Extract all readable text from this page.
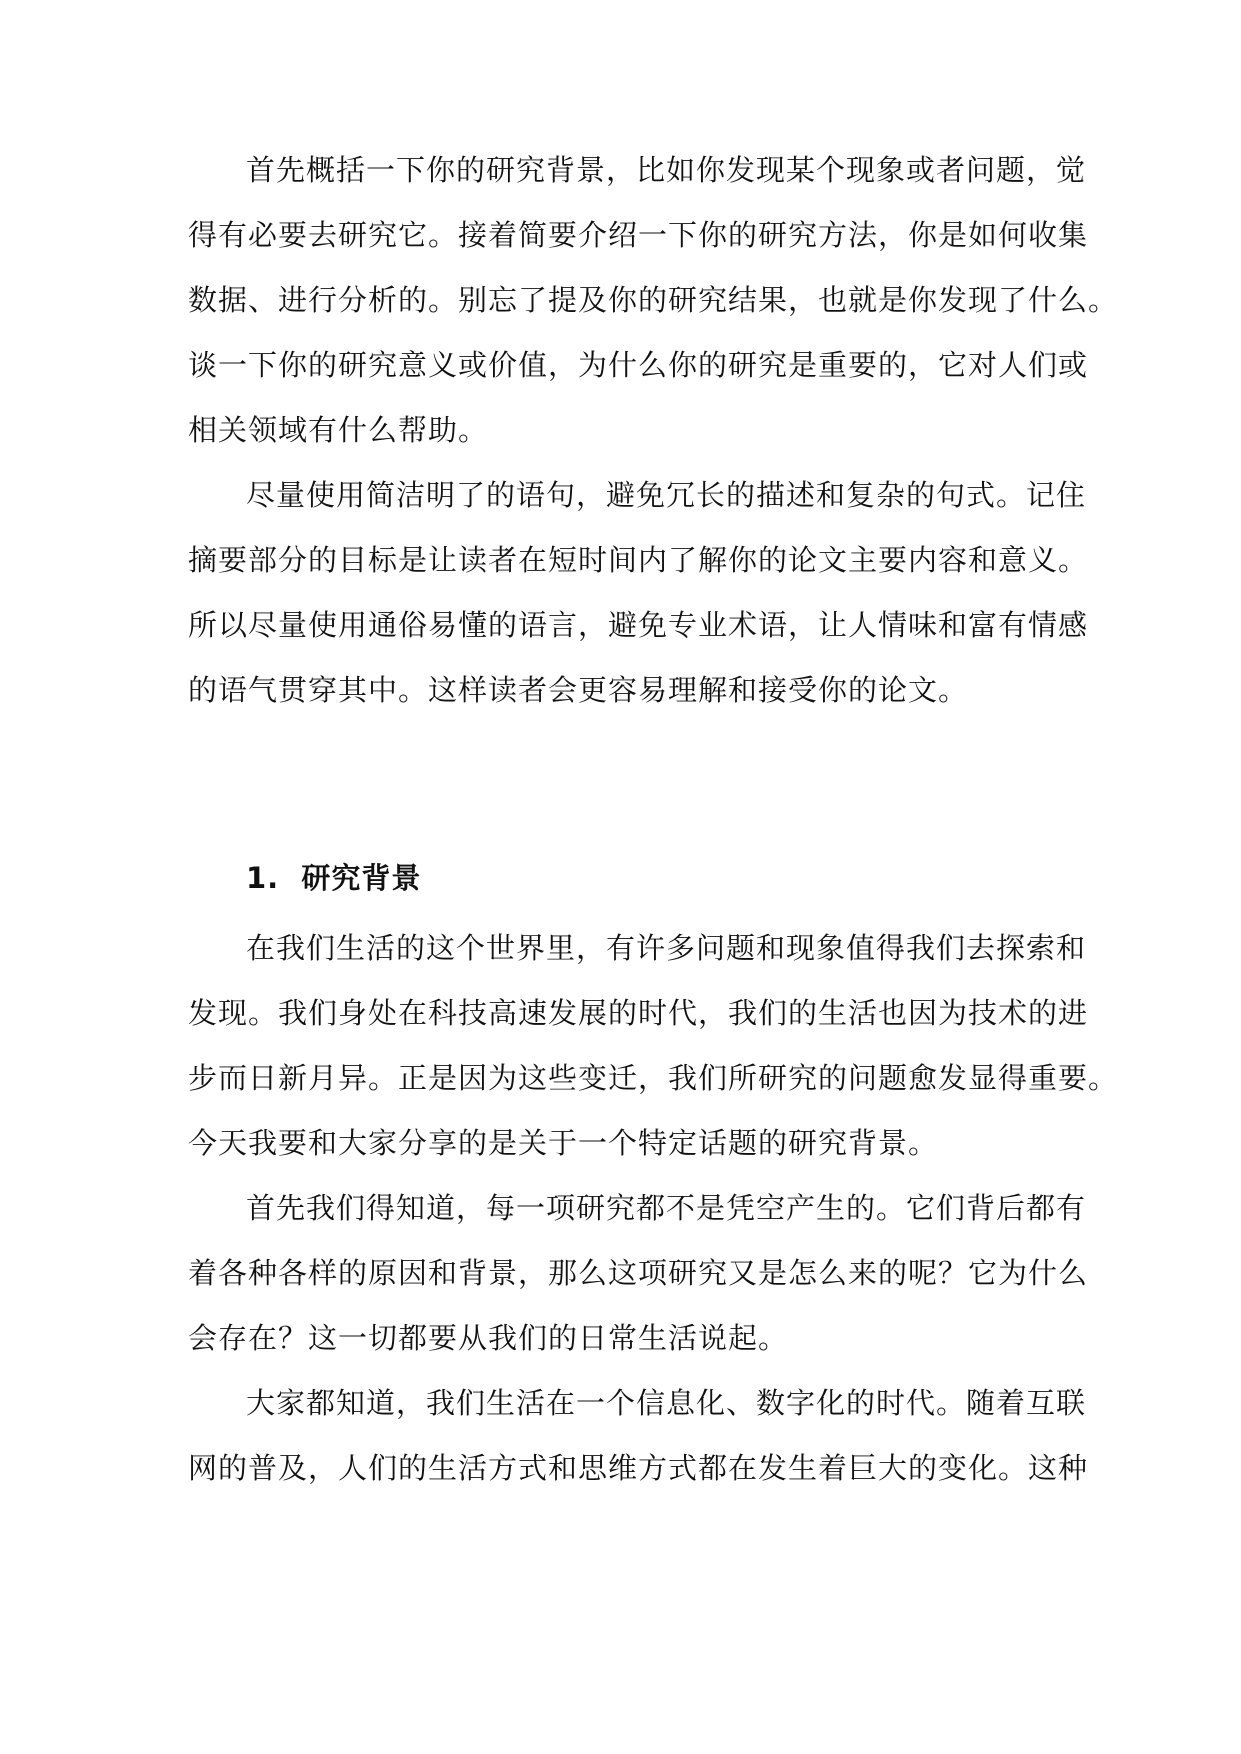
首先概括一下你的研究背景，比如你发现某个现象或者问题，觉
得有必要去研究它。接着简要介绍一下你的研究方法，你是如何收集
数据、进行分析的。别忘了提及你的研究结果，也就是你发现了什么。
谈一下你的研究意义或价值，为什么你的研究是重要的，它对人们或
相关领域有什么帮助。
尽量使用简洁明了的语句，避免冗长的描述和复杂的句式。记住
摘要部分的目标是让读者在短时间内了解你的论文主要内容和意义。
所以尽量使用通俗易懂的语言，避免专业术语，让人情味和富有情感
的语气贯穿其中。这样读者会更容易理解和接受你的论文。
1. 研究背景
在我们生活的这个世界里，有许多问题和现象值得我们去探索和
发现。我们身处在科技高速发展的时代，我们的生活也因为技术的进
步而日新月异。正是因为这些变迁，我们所研究的问题愈发显得重要。
今天我要和大家分享的是关于一个特定话题的研究背景。
首先我们得知道，每一项研究都不是凭空产生的。它们背后都有
着各种各样的原因和背景，那么这项研究又是怎么来的呢？它为什么
会存在？这一切都要从我们的日常生活说起。
大家都知道，我们生活在一个信息化、数字化的时代。随着互联
网的普及，人们的生活方式和思维方式都在发生着巨大的变化。这种
